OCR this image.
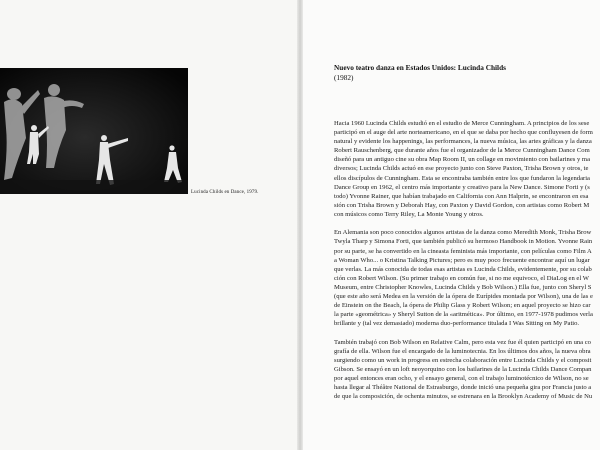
Lucinda Childs en Dance, 1979.
Nuevo teatro danza en Estados Unidos: Lucinda Childs
(1982)
Hacia 1960 Lucinda Childs estudió en el estudio de Merce Cunningham. A principios de los sese
participó en el auge del arte norteamericano, en el que se daba por hecho que confluyesen de form
natural y evidente los happenings, las performances, la nueva música, las artes gráficas y la danza
Robert Rauschenberg, que durante años fue el organizador de la Merce Cunningham Dance Com
diseñó para un antiguo cine su obra Map Room II, un collage en movimiento con bailarines y ma
diversos; Lucinda Childs actuó en ese proyecto junto con Steve Paxton, Trisha Brown y otros, te
ellos discípulos de Cunningham. Esta se encontraba también entre los que fundaron la legendaria
Dance Group en 1962, el centro más importante y creativo para la New Dance. Simone Forti y (s
todo) Yvonne Rainer, que habían trabajado en California con Ann Halprin, se encontraron en esa
sión con Trisha Brown y Deborah Hay, con Paxton y David Gordon, con artistas como Robert M
con músicos como Terry Riley, La Monte Young y otros.
En Alemania son poco conocidos algunos artistas de la danza como Meredith Monk, Trisha Brow
Twyla Tharp y Simona Forti, que también publicó su hermoso Handbook in Motion. Yvonne Rain
por su parte, se ha convertido en la cineasta feminista más importante, con películas como Film A
a Woman Who... o Kristina Talking Pictures; pero es muy poco frecuente encontrar aquí un lugar
que verlas. La más conocida de todas esas artistas es Lucinda Childs, evidentemente, por su colab
ción con Robert Wilson. (Su primer trabajo en común fue, si no me equivoco, el DiaLog en el W
Museum, entre Christopher Knowles, Lucinda Childs y Bob Wilson.) Ella fue, junto con Sheryl S
(que este año será Medea en la versión de la ópera de Eurípides montada por Wilson), una de las e
de Einstein on the Beach, la ópera de Philip Glass y Robert Wilson; en aquel proyecto se hizo car
la parte «geométrica» y Sheryl Sutton de la «aritmética». Por último, en 1977-1978 pudimos verla
brillante y (tal vez demasiado) moderna duo-performance titulada I Was Sitting on My Patio.
También trabajó con Bob Wilson en Relative Calm, pero esta vez fue él quien participó en una co
grafía de ella. Wilson fue el encargado de la luminotecnia. En los últimos dos años, la nueva obra
surgiendo como un work in progress en estrecha colaboración entre Lucinda Childs y el composit
Gibson. Se ensayó en un loft neoyorquino con los bailarines de la Lucinda Childs Dance Compan
por aquel entonces eran ocho, y el ensayo general, con el trabajo luminotécnico de Wilson, no se
hasta llegar al Théâtre National de Estrasburgo, donde inició una pequeña gira por Francia justo a
de que la composición, de ochenta minutos, se estrenara en la Brooklyn Academy of Music de Nu
